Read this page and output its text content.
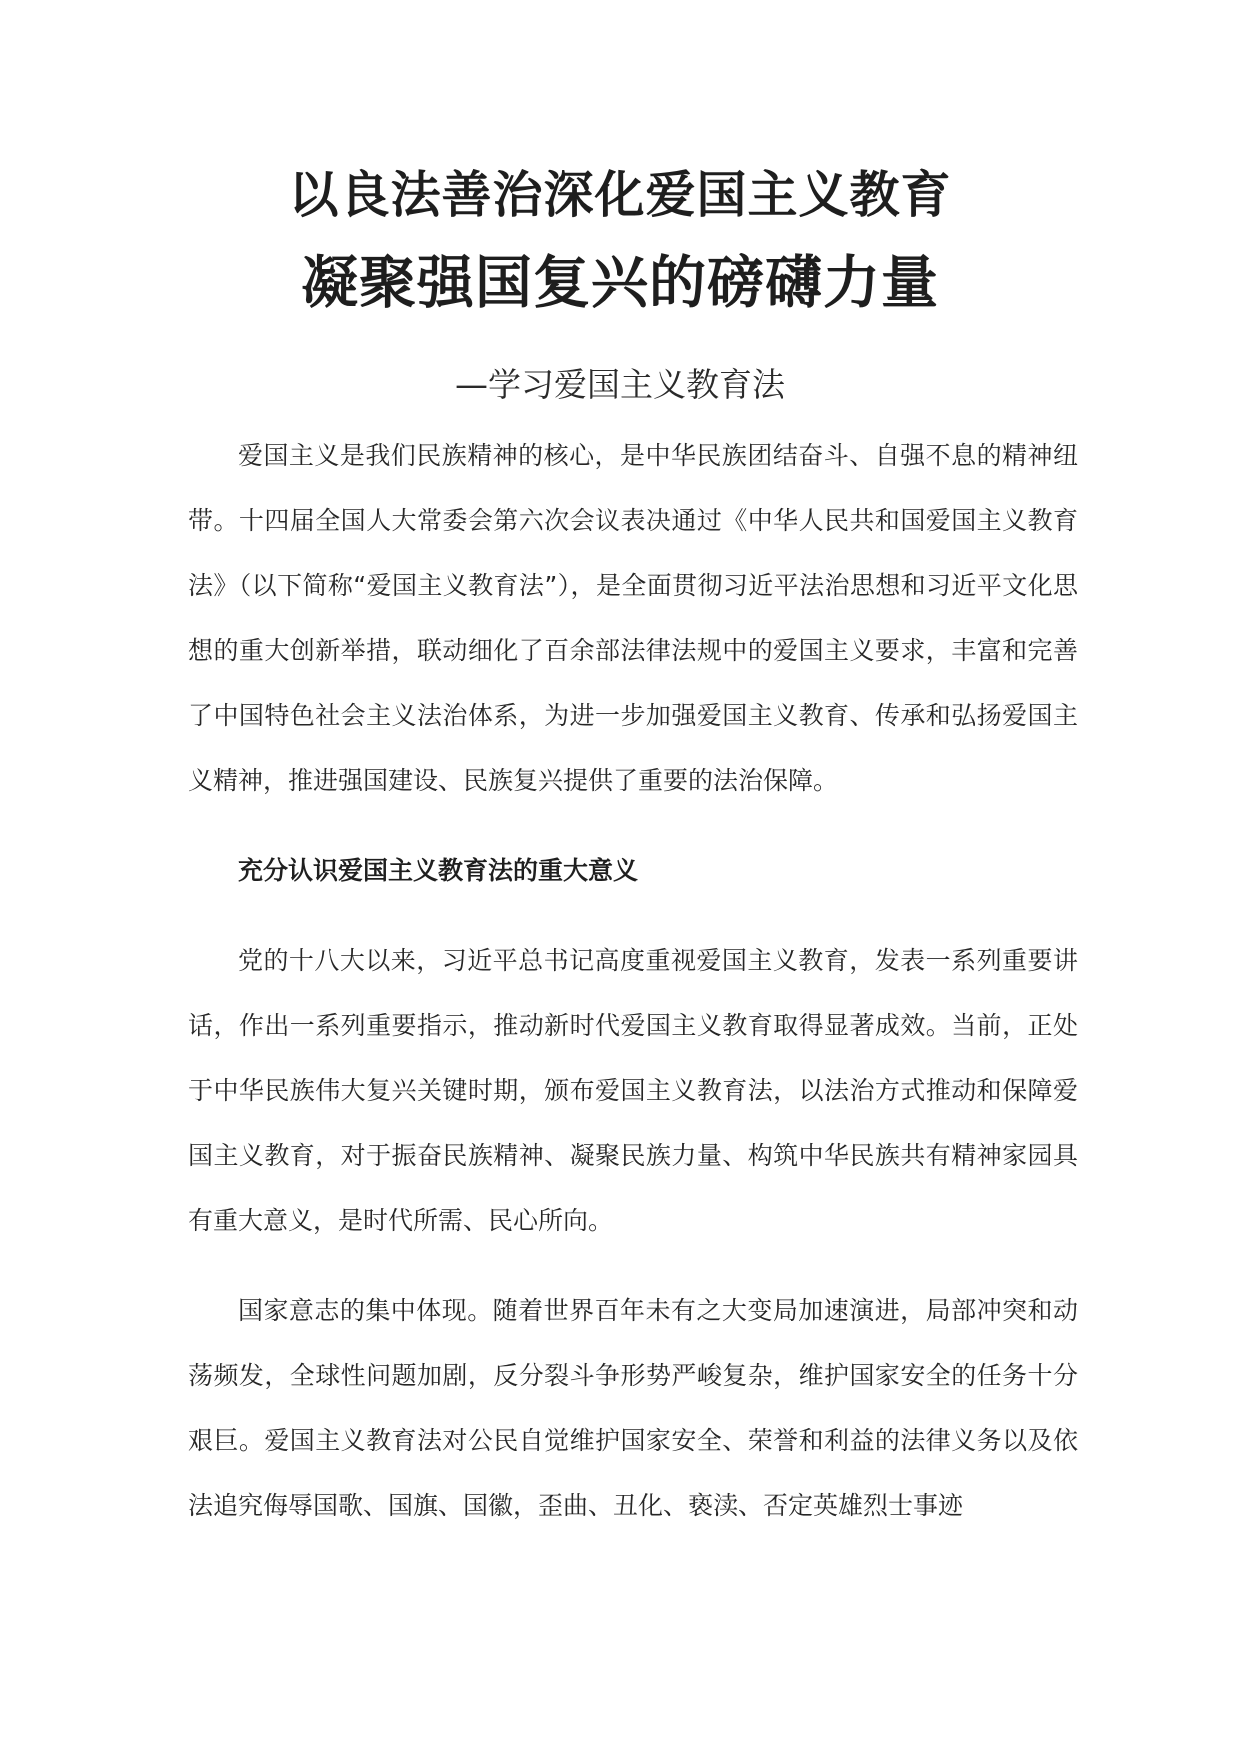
以良法善治深化爱国主义教育
凝聚强国复兴的磅礴力量
—学习爱国主义教育法

爱国主义是我们民族精神的核心，是中华民族团结奋斗、自强不息的精神纽带。十四届全国人大常委会第六次会议表决通过《中华人民共和国爱国主义教育法》（以下简称“爱国主义教育法”），是全面贯彻习近平法治思想和习近平文化思想的重大创新举措，联动细化了百余部法律法规中的爱国主义要求，丰富和完善了中国特色社会主义法治体系，为进一步加强爱国主义教育、传承和弘扬爱国主义精神，推进强国建设、民族复兴提供了重要的法治保障。

充分认识爱国主义教育法的重大意义

党的十八大以来，习近平总书记高度重视爱国主义教育，发表一系列重要讲话，作出一系列重要指示，推动新时代爱国主义教育取得显著成效。当前，正处于中华民族伟大复兴关键时期，颁布爱国主义教育法，以法治方式推动和保障爱国主义教育，对于振奋民族精神、凝聚民族力量、构筑中华民族共有精神家园具有重大意义，是时代所需、民心所向。

国家意志的集中体现。随着世界百年未有之大变局加速演进，局部冲突和动荡频发，全球性问题加剧，反分裂斗争形势严峻复杂，维护国家安全的任务十分艰巨。爱国主义教育法对公民自觉维护国家安全、荣誉和利益的法律义务以及依法追究侮辱国歌、国旗、国徽，歪曲、丑化、亵渎、否定英雄烈士事迹
